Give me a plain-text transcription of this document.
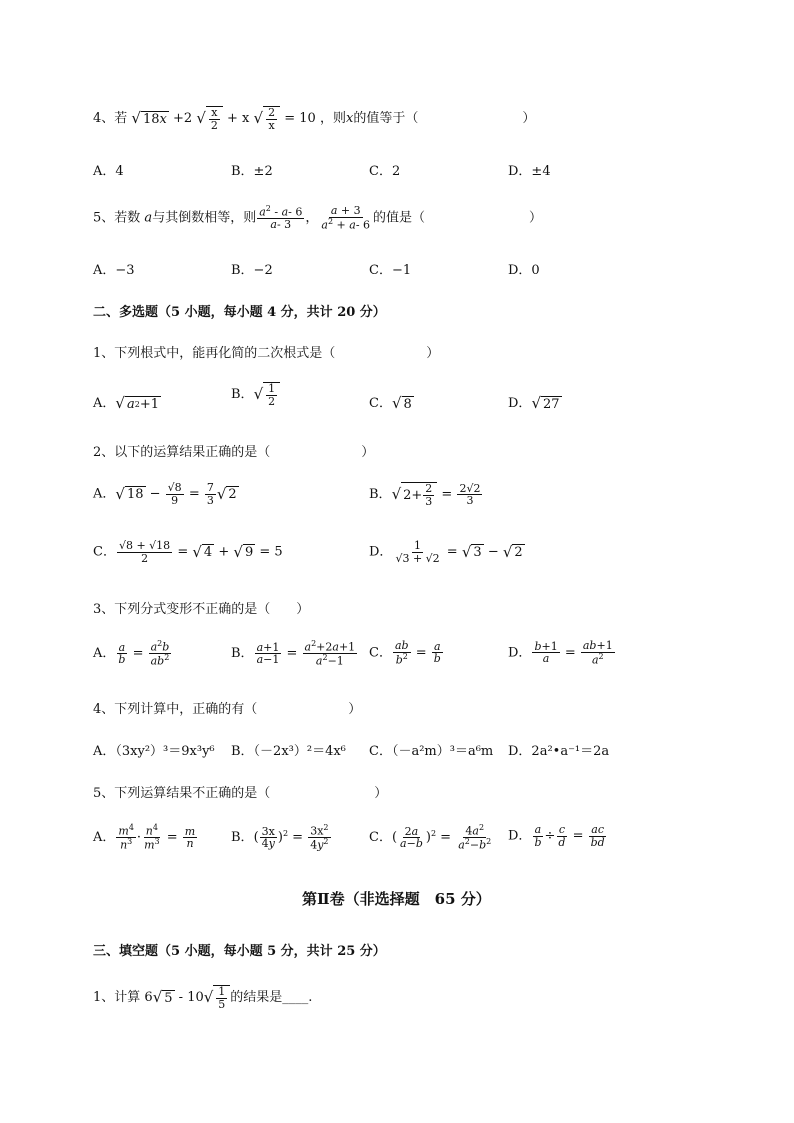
4、若 √ 18 x +2 √ $\frac{x}{2} + x$ √ $\frac{2}{x} = 10$ ，则x的值等于（　　　　　　　　）
A．4	B．±2	C．2	D．±4
5、若数 a与其倒数相等，则 $\frac{a^2 - a- 6}{a- 3}$ ， $\frac{a + 3}{a^2 + a- 6}$ 的值是（　　　　　　　　）
A．−3	B．−2	C．−1	D．0
二、多选题（5 小题，每小题 4 分，共计 20 分）
1、下列根式中，能再化简的二次根式是（　　　　　　　）
A． √ a 2 +1
B． √ $\frac{1}{2}$	C． √ 8	D． √ 27
2、以下的运算结果正确的是（　　　　　　　）
A． √ $18 - \frac{√8}{9} = \frac{7}{3}$ √ 2	B． √ $2+ \frac{2}{3} = \frac{2√2}{3}$
C． $\frac{√8 + √18}{2}$ = √ 4 + √ 9 = 5	D． $\frac{1}{√3 + √2}$ = √ 3 − √ 2
3、下列分式变形不正确的是（　　）
A． $\frac{a}{b} = \frac{a^2b}{ab^2}$	B． $\frac{a+1}{a-1} = \frac{a^2+2a+1}{a^2-1}$ C． $\frac{ab}{b^2} = \frac{a}{b}$	D． $\frac{b+1}{a} = \frac{ab+1}{a^2}$
4、下列计算中，正确的有（　　　　　　　）
A．（3xy²）³＝9x³y⁶ B．（－2x³）²＝4x⁶ C．（－a²m）³＝a⁶m D．2a²•a⁻¹＝2a
5、下列运算结果不正确的是（　　　　　　　　）
A． $\frac{m^4}{n^3} \cdot \frac{n^4}{m^3} = \frac{m}{n}$	B．( $\frac{3x}{4y} )^2 = \frac{3x^2}{4y^2}$	C．( $\frac{2a}{a-b} )^2 = \frac{4a^2}{a^2-b^2}$ D． $\frac{a}{b} \div \frac{c}{d} = \frac{ac}{bd}$
第Ⅱ卷（非选择题　65 分）
三、填空题（5 小题，每小题 5 分，共计 25 分）
1、计算 6 √ 5 - 10 √ $\frac{1}{5}$ 的结果是____.
